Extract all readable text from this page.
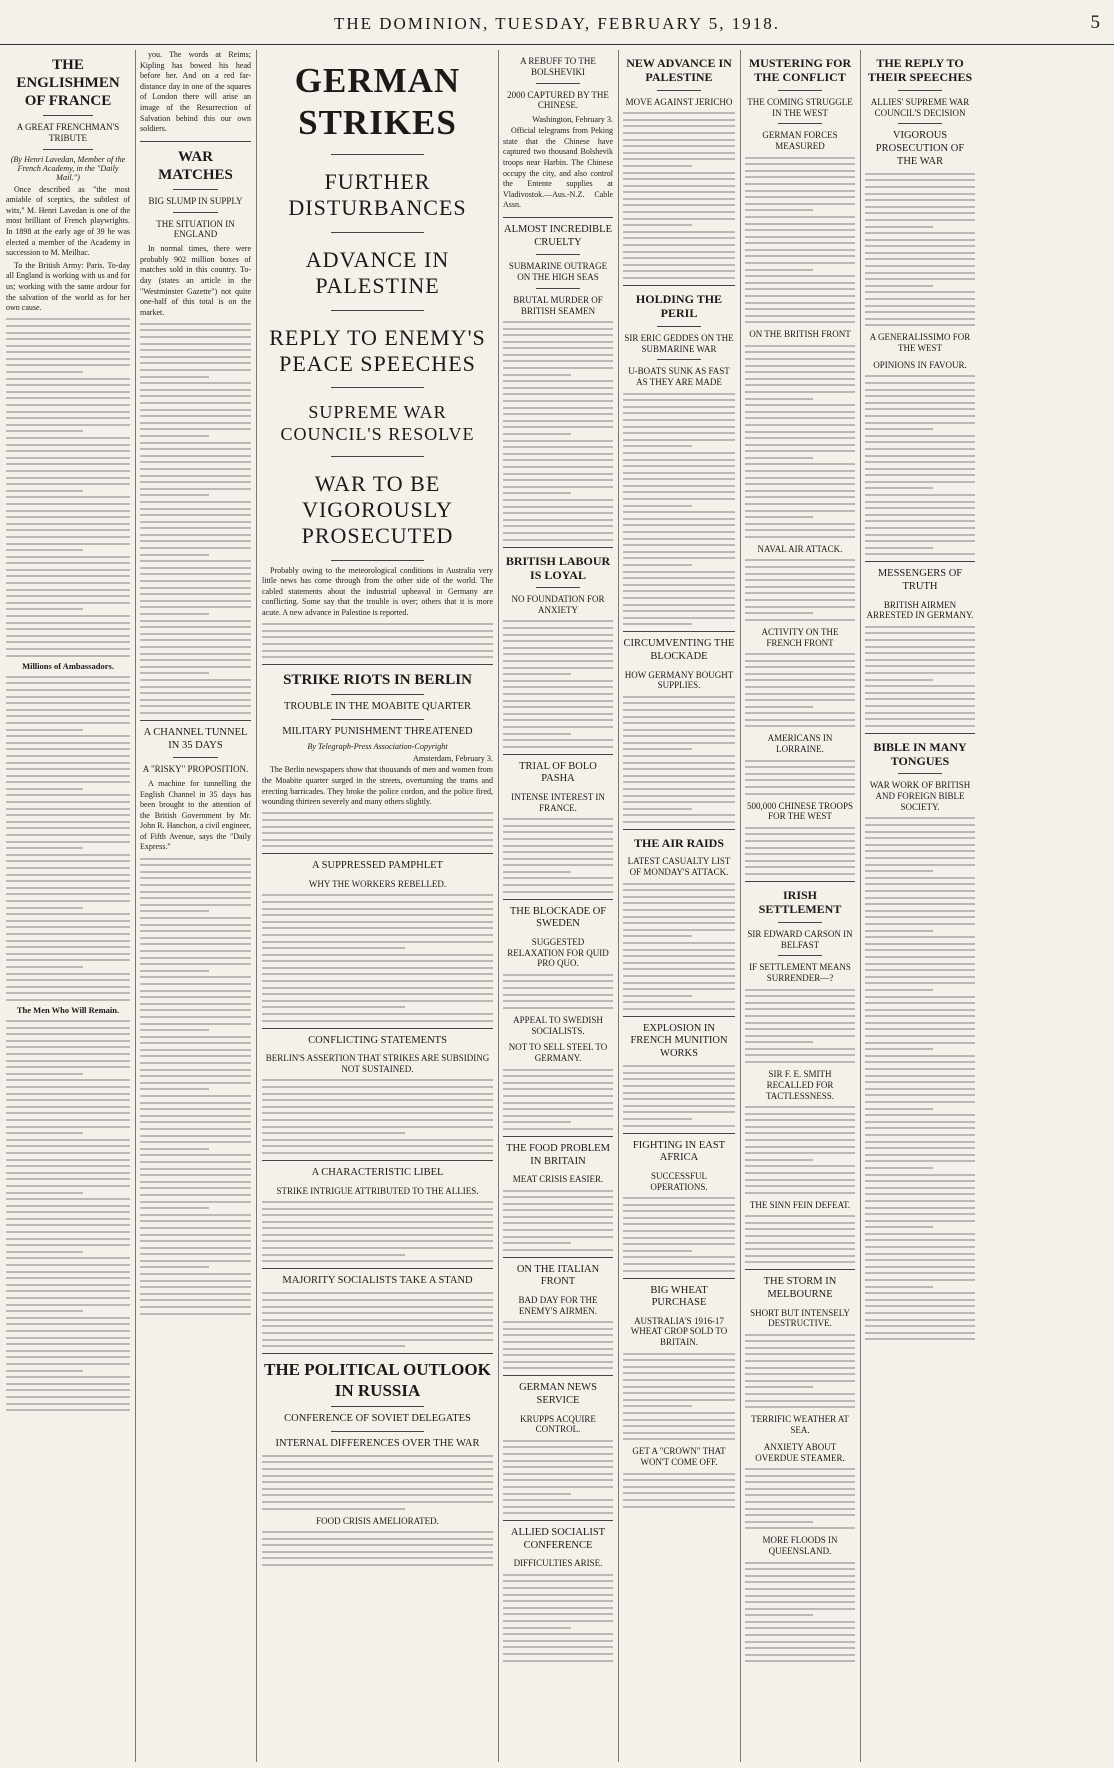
THE DOMINION, TUESDAY, FEBRUARY 5, 1918.	5
THE ENGLISHMEN OF FRANCE
A GREAT FRENCHMAN'S TRIBUTE
(By Henri Lavedan, Member of the French Academy, in the "Daily Mail.")

Once described as "the most amiable of sceptics, the subtlest of wits," M. Henri Lavedan is one of the most brilliant of French playwrights. In 1898 at the early age of 39 he was elected a member of the Academy in succession to M. Meilhac.

To the British Army: Paris. To-day all England is working with us and for us; working with the same ardour for the salvation of the world as for her own cause.

Millions of Ambassadors.
The Men Who Will Remain.

you. The words at Reims; Kipling has bowed his head before her. And on a red far-distance day in one of the squares of London there will arise an image of the Resurrection of Salvation behind this our own soldiers.

WAR MATCHES
BIG SLUMP IN SUPPLY
THE SITUATION IN ENGLAND

In normal times, there were probably 902 million boxes of matches sold in this country. To-day (states an article in the "Westminster Gazette") not quite one-half of this total is on the market.

A CHANNEL TUNNEL IN 35 DAYS
A "RISKY" PROPOSITION.

A machine for tunnelling the English Channel in 35 days has been brought to the attention of the British Government by Mr. John R. Hanchon, a civil engineer, of Fifth Avenue, says the "Daily Express."

GERMAN STRIKES
FURTHER DISTURBANCES
ADVANCE IN PALESTINE
REPLY TO ENEMY'S PEACE SPEECHES
SUPREME WAR COUNCIL'S RESOLVE
WAR TO BE VIGOROUSLY PROSECUTED

Probably owing to the meteorological conditions in Australia very little news has come through from the other side of the world. The cabled statements about the industrial upheaval in Germany are conflicting. Some say that the trouble is over; others that it is more acute. A new advance in Palestine is reported.

STRIKE RIOTS IN BERLIN
TROUBLE IN THE MOABITE QUARTER
MILITARY PUNISHMENT THREATENED
By Telegraph-Press Association-Copyright
Amsterdam, February 3.

The Berlin newspapers show that thousands of men and women from the Moabite quarter surged in the streets, overturning the trams and erecting barricades. They broke the police cordon, and the police fired, wounding thirteen severely and many others slightly.

A SUPPRESSED PAMPHLET
WHY THE WORKERS REBELLED.
CONFLICTING STATEMENTS
BERLIN'S ASSERTION THAT STRIKES ARE SUBSIDING NOT SUSTAINED.
A CHARACTERISTIC LIBEL
STRIKE INTRIGUE ATTRIBUTED TO THE ALLIES.
MAJORITY SOCIALISTS TAKE A STAND
THE POLITICAL OUTLOOK IN RUSSIA
CONFERENCE OF SOVIET DELEGATES
INTERNAL DIFFERENCES OVER THE WAR
FOOD CRISIS AMELIORATED.
A REBUFF TO THE BOLSHEVIKI
2000 CAPTURED BY THE CHINESE.
Washington, February 3.

Official telegrams from Peking state that the Chinese have captured two thousand Bolshevik troops near Harbin. The Chinese occupy the city, and also control the Entente supplies at Vladivostok.—Aus.-N.Z. Cable Assn.

ALMOST INCREDIBLE CRUELTY
SUBMARINE OUTRAGE ON THE HIGH SEAS
BRUTAL MURDER OF BRITISH SEAMEN
BRITISH LABOUR IS LOYAL
NO FOUNDATION FOR ANXIETY
TRIAL OF BOLO PASHA
INTENSE INTEREST IN FRANCE.
THE BLOCKADE OF SWEDEN
SUGGESTED RELAXATION FOR QUID PRO QUO.
APPEAL TO SWEDISH SOCIALISTS.
NOT TO SELL STEEL TO GERMANY.
THE FOOD PROBLEM IN BRITAIN
MEAT CRISIS EASIER.
ON THE ITALIAN FRONT
BAD DAY FOR THE ENEMY'S AIRMEN.
GERMAN NEWS SERVICE
KRUPPS ACQUIRE CONTROL.
ALLIED SOCIALIST CONFERENCE
DIFFICULTIES ARISE.
NEW ADVANCE IN PALESTINE
MOVE AGAINST JERICHO
HOLDING THE PERIL
SIR ERIC GEDDES ON THE SUBMARINE WAR
U-BOATS SUNK AS FAST AS THEY ARE MADE
CIRCUMVENTING THE BLOCKADE
HOW GERMANY BOUGHT SUPPLIES.
THE AIR RAIDS
LATEST CASUALTY LIST OF MONDAY'S ATTACK.
EXPLOSION IN FRENCH MUNITION WORKS
FIGHTING IN EAST AFRICA
SUCCESSFUL OPERATIONS.
BIG WHEAT PURCHASE
AUSTRALIA'S 1916-17 WHEAT CROP SOLD TO BRITAIN.
GET A "CROWN" THAT WON'T COME OFF.
MUSTERING FOR THE CONFLICT
THE COMING STRUGGLE IN THE WEST
GERMAN FORCES MEASURED
ON THE BRITISH FRONT
NAVAL AIR ATTACK.
ACTIVITY ON THE FRENCH FRONT
AMERICANS IN LORRAINE.
500,000 CHINESE TROOPS FOR THE WEST
IRISH SETTLEMENT
SIR EDWARD CARSON IN BELFAST
IF SETTLEMENT MEANS SURRENDER—?
SIR F. E. SMITH RECALLED FOR TACTLESSNESS.
THE SINN FEIN DEFEAT.
THE STORM IN MELBOURNE
SHORT BUT INTENSELY DESTRUCTIVE.
TERRIFIC WEATHER AT SEA.
ANXIETY ABOUT OVERDUE STEAMER.
MORE FLOODS IN QUEENSLAND.
THE REPLY TO THEIR SPEECHES
ALLIES' SUPREME WAR COUNCIL'S DECISION
VIGOROUS PROSECUTION OF THE WAR
A GENERALISSIMO FOR THE WEST
OPINIONS IN FAVOUR.
MESSENGERS OF TRUTH
BRITISH AIRMEN ARRESTED IN GERMANY.
BIBLE IN MANY TONGUES
WAR WORK OF BRITISH AND FOREIGN BIBLE SOCIETY.
